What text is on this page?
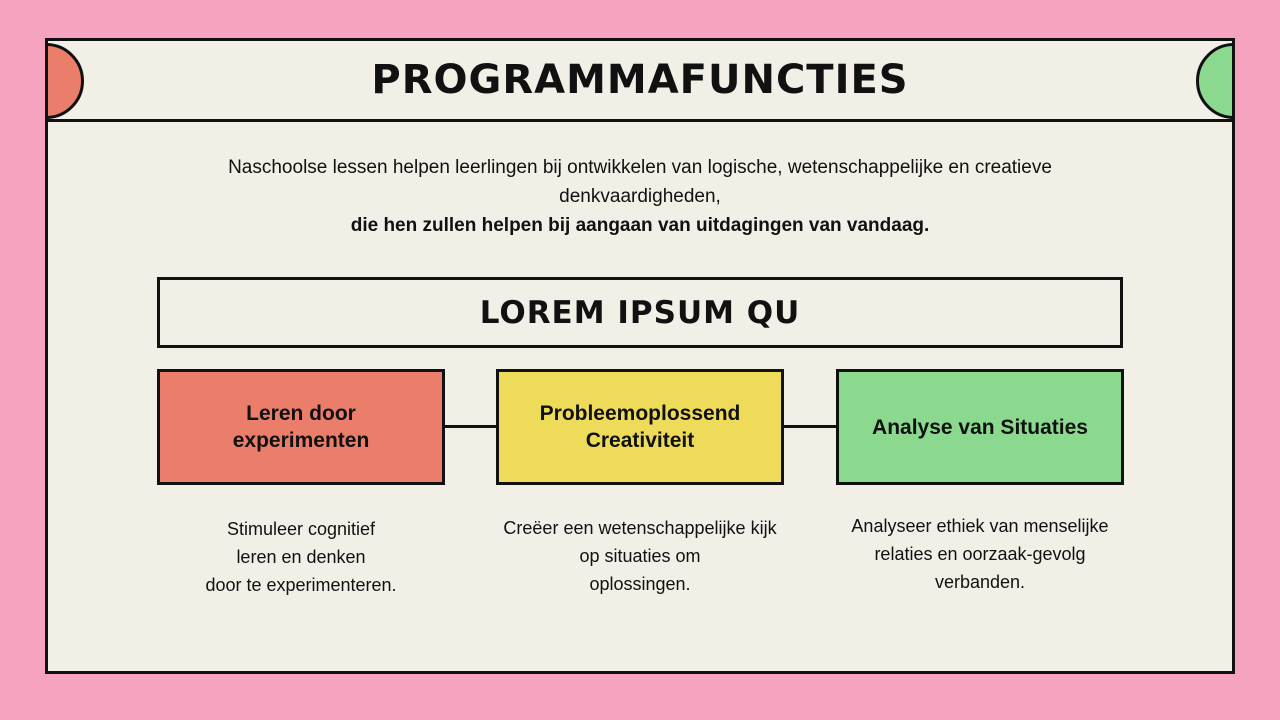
PROGRAMMAFUNCTIES
Naschoolse lessen helpen leerlingen bij ontwikkelen van logische, wetenschappelijke en creatieve denkvaardigheden,
die hen zullen helpen bij aangaan van uitdagingen van vandaag.
LOREM IPSUM QU
Leren door experimenten
Probleemoplossend Creativiteit
Analyse van Situaties
Stimuleer cognitief
leren en denken
door te experimenteren.
Creëer een wetenschappelijke kijk
op situaties om
oplossingen.
Analyseer ethiek van menselijke
relaties en oorzaak-gevolg
verbanden.
